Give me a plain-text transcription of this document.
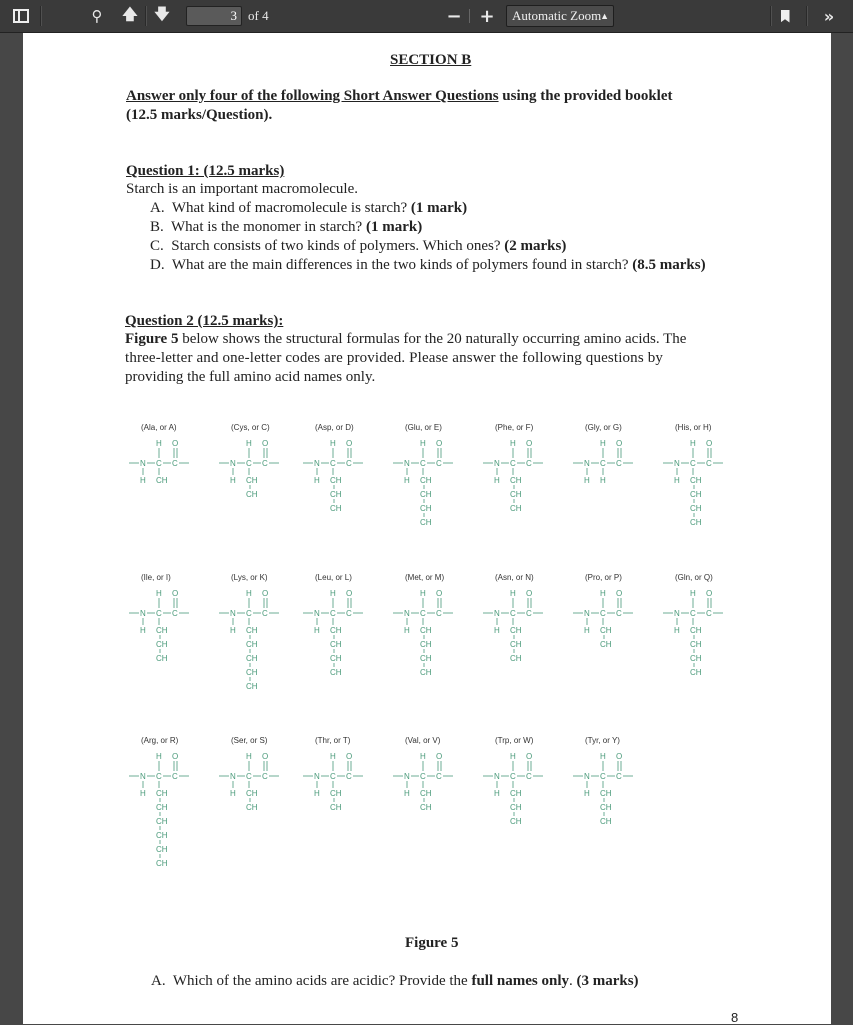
⚲ 🡅 🡇	3 of 4	− + Automatic Zoom
▲	»
SECTION B
Answer only four of the following Short Answer Questions using the provided booklet
(12.5 marks/Question).
Question 1: (12.5 marks)
Starch is an important macromolecule.
A. What kind of macromolecule is starch? (1 mark)
B. What is the monomer in starch? (1 mark)
C. Starch consists of two kinds of polymers. Which ones? (2 marks)
D. What are the main differences in the two kinds of polymers found in starch? (8.5 marks)
Question 2 (12.5 marks):
Figure 5 below shows the structural formulas for the 20 naturally occurring amino acids. The
three-letter and one-letter codes are provided. Please answer the following questions by
providing the full amino acid names only.
(Ala, or A)
N C C
H O
H CH
(Cys, or C)
N C C
H O
H CH
CH
(Asp, or D)
N C C
H O
H CH
CH
CH
(Glu, or E)
N C C
H O
H CH
CH
CH
CH
(Phe, or F)
N C C
H O
H CH
CH
CH
(Gly, or G)
N C C
H O
H H
(His, or H)
N C C
H O
H CH
CH
CH
CH
(Ile, or I)
N C C
H O
H CH
CH
CH
(Lys, or K)
N C C
H O
H CH
CH
CH
CH
CH
(Leu, or L)
N C C
H O
H CH
CH
CH
CH
(Met, or M)
N C C
H O
H CH
CH
CH
CH
(Asn, or N)
N C C
H O
H CH
CH
CH
(Pro, or P)
N C C
H O
H CH
CH
(Gln, or Q)
N C C
H O
H CH
CH
CH
CH
(Arg, or R)
N C C
H O
H CH
CH
CH
CH
CH
CH
(Ser, or S)
N C C
H O
H CH
CH
(Thr, or T)
N C C
H O
H CH
CH
(Val, or V)
N C C
H O
H CH
CH
(Trp, or W)
N C C
H O
H CH
CH
CH
(Tyr, or Y)
N C C
H O
H CH
CH
CH
Figure 5
A. Which of the amino acids are acidic? Provide the full names only. (3 marks)
8
